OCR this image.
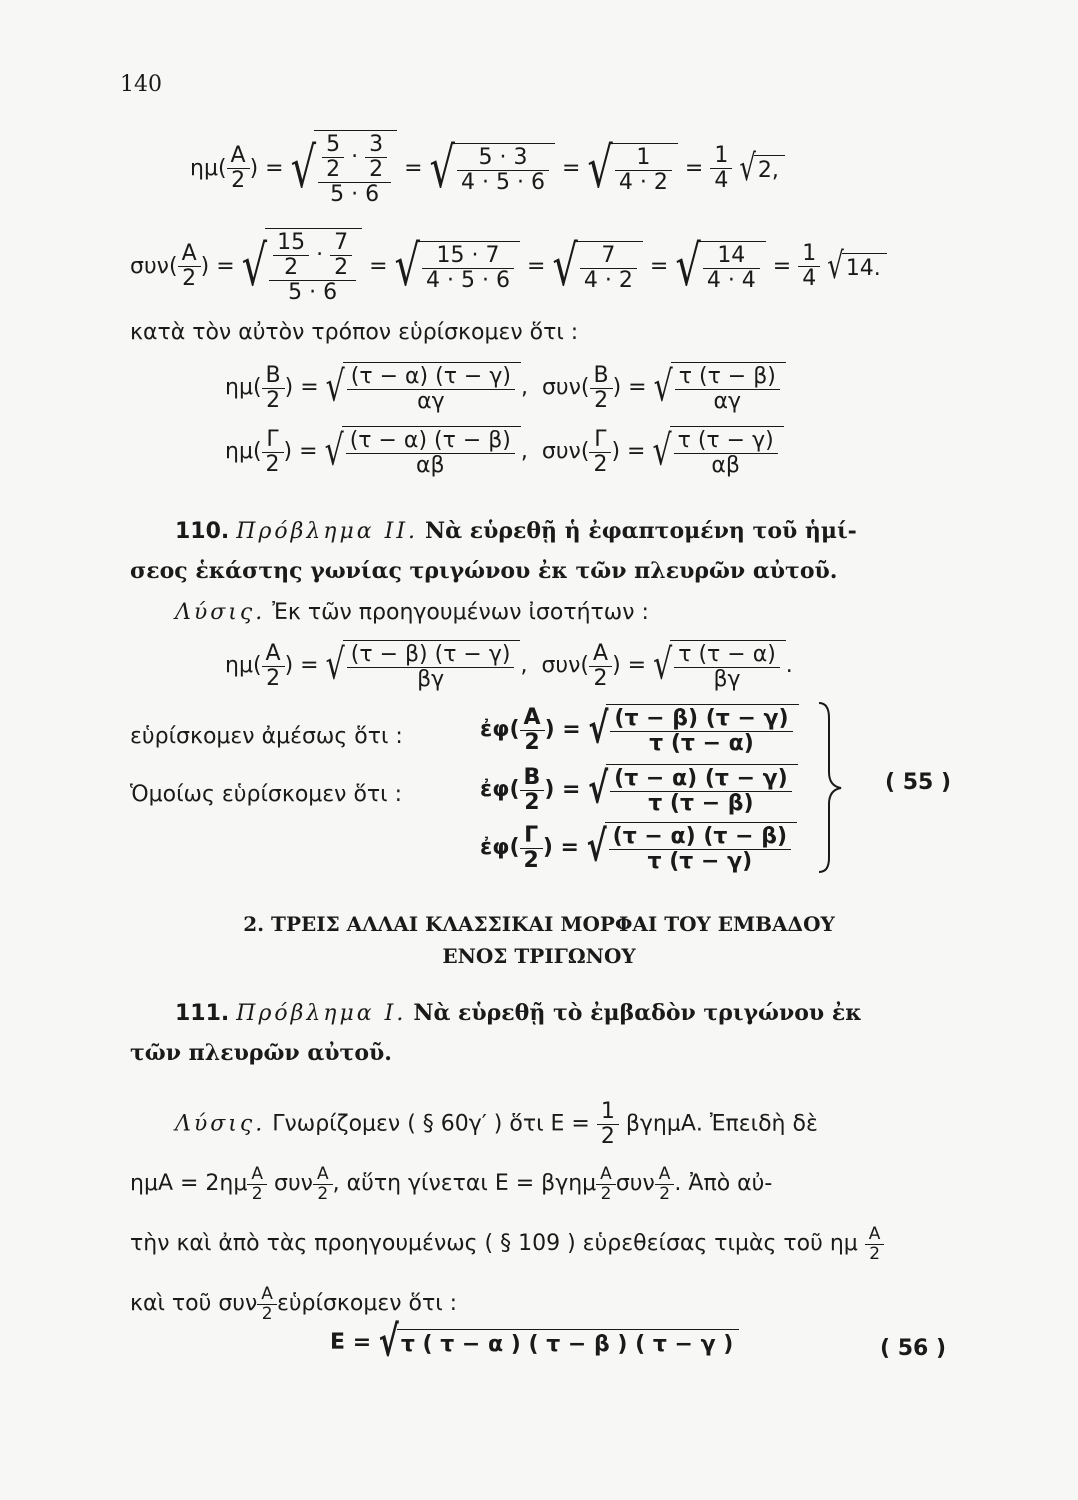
140
$\eta\mu( \frac{A}{2}$ ) = √ $\frac{\frac{5}{2} \cdot \frac{3}{2}}{5 \cdot 6}$ = √ $\frac{5 \cdot 3}{4 \cdot 5 \cdot 6}$ = √ $\frac{1}{4 \cdot 2} = \frac{1}{4} √2$,
$\sigma\upsilon\nu( \frac{A}{2}$ ) = √ $\frac{\frac{15}{2} \cdot \frac{7}{2}}{5 \cdot 6}$ = √ $\frac{15 \cdot 7}{4 \cdot 5 \cdot 6}$ = √ $\frac{7}{4 \cdot 2}$ = √ $\frac{14}{4 \cdot 4} = \frac{1}{4} √14$.
κατὰ τὸν αὐτὸν τρόπον εὑρίσκομεν ὅτι :
$\eta\mu( \frac{B}{2}$ ) = √ $\frac{(\tau - \alpha) (\tau - \gamma)}{\alpha\gamma}$ ,  $\sigma\upsilon\nu( \frac{B}{2}$ ) = √ $\frac{\tau (\tau - \beta)}{\alpha\gamma}$
$\eta\mu( \frac{\Gamma}{2}$ ) = √ $\frac{(\tau - \alpha) (\tau - \beta)}{\alpha\beta}$ ,  $\sigma\upsilon\nu( \frac{\Gamma}{2}$ ) = √ $\frac{\tau (\tau - \gamma)}{\alpha\beta}$
110. Πρόβλημα ΙΙ. Νὰ εὑρεθῇ ἡ ἐφαπτομένη τοῦ ἡμί-
σεος ἑκάστης γωνίας τριγώνου ἐκ τῶν πλευρῶν αὐτοῦ.
Λύσις. Ἐκ τῶν προηγουμένων ἰσοτήτων :
$\eta\mu( \frac{A}{2}$ ) = √ $\frac{(\tau - \beta) (\tau - \gamma)}{\beta\gamma}$ ,  $\sigma\upsilon\nu( \frac{A}{2}$ ) = √ $\frac{\tau (\tau - \alpha)}{\beta\gamma}$ .
εὑρίσκομεν ἀμέσως ὅτι :
Ὁμοίως εὑρίσκομεν ὅτι :
ἐφ( $\frac{A}{2}$ ) = √ $\frac{(\tau - \beta) (\tau - \gamma)}{\tau (\tau - \alpha)}$
ἐφ( $\frac{B}{2}$ ) = √ $\frac{(\tau - \alpha) (\tau - \gamma)}{\tau (\tau - \beta)}$
ἐφ( $\frac{\Gamma}{2}$ ) = √ $\frac{(\tau - \alpha) (\tau - \beta)}{\tau (\tau - \gamma)}$
( 55 )
2. ΤΡΕΙΣ ΑΛΛΑΙ ΚΛΑΣΣΙΚΑΙ ΜΟΡΦΑΙ ΤΟΥ ΕΜΒΑΔΟΥ
ΕΝΟΣ ΤΡΙΓΩΝΟΥ
111. Πρόβλημα Ι. Νὰ εὑρεθῇ τὸ ἐμβαδὸν τριγώνου ἐκ
τῶν πλευρῶν αὐτοῦ.
Λύσις. Γνωρίζομεν ( § 60γ′ ) ὅτι $E = \frac{1}{2} \beta\gamma\eta\mu A$. Ἐπειδὴ δὲ
$\eta\mu A = 2\eta\mu \frac{A}{2}$ συν $\frac{A}{2}$ , αὕτη γίνεται Ε = βγημ $\frac{A}{2}$ συν $\frac{A}{2}$ . Ἀπὸ αὐ-
τὴν καὶ ἀπὸ τὰς προηγουμένως ( § 109 ) εὑρεθείσας τιμὰς τοῦ ημ $\frac{A}{2}$
καὶ τοῦ συν $\frac{A}{2}$ εὑρίσκομεν ὅτι :
Ε = √τ ( τ − α ) ( τ − β ) ( τ − γ )	( 56 )
